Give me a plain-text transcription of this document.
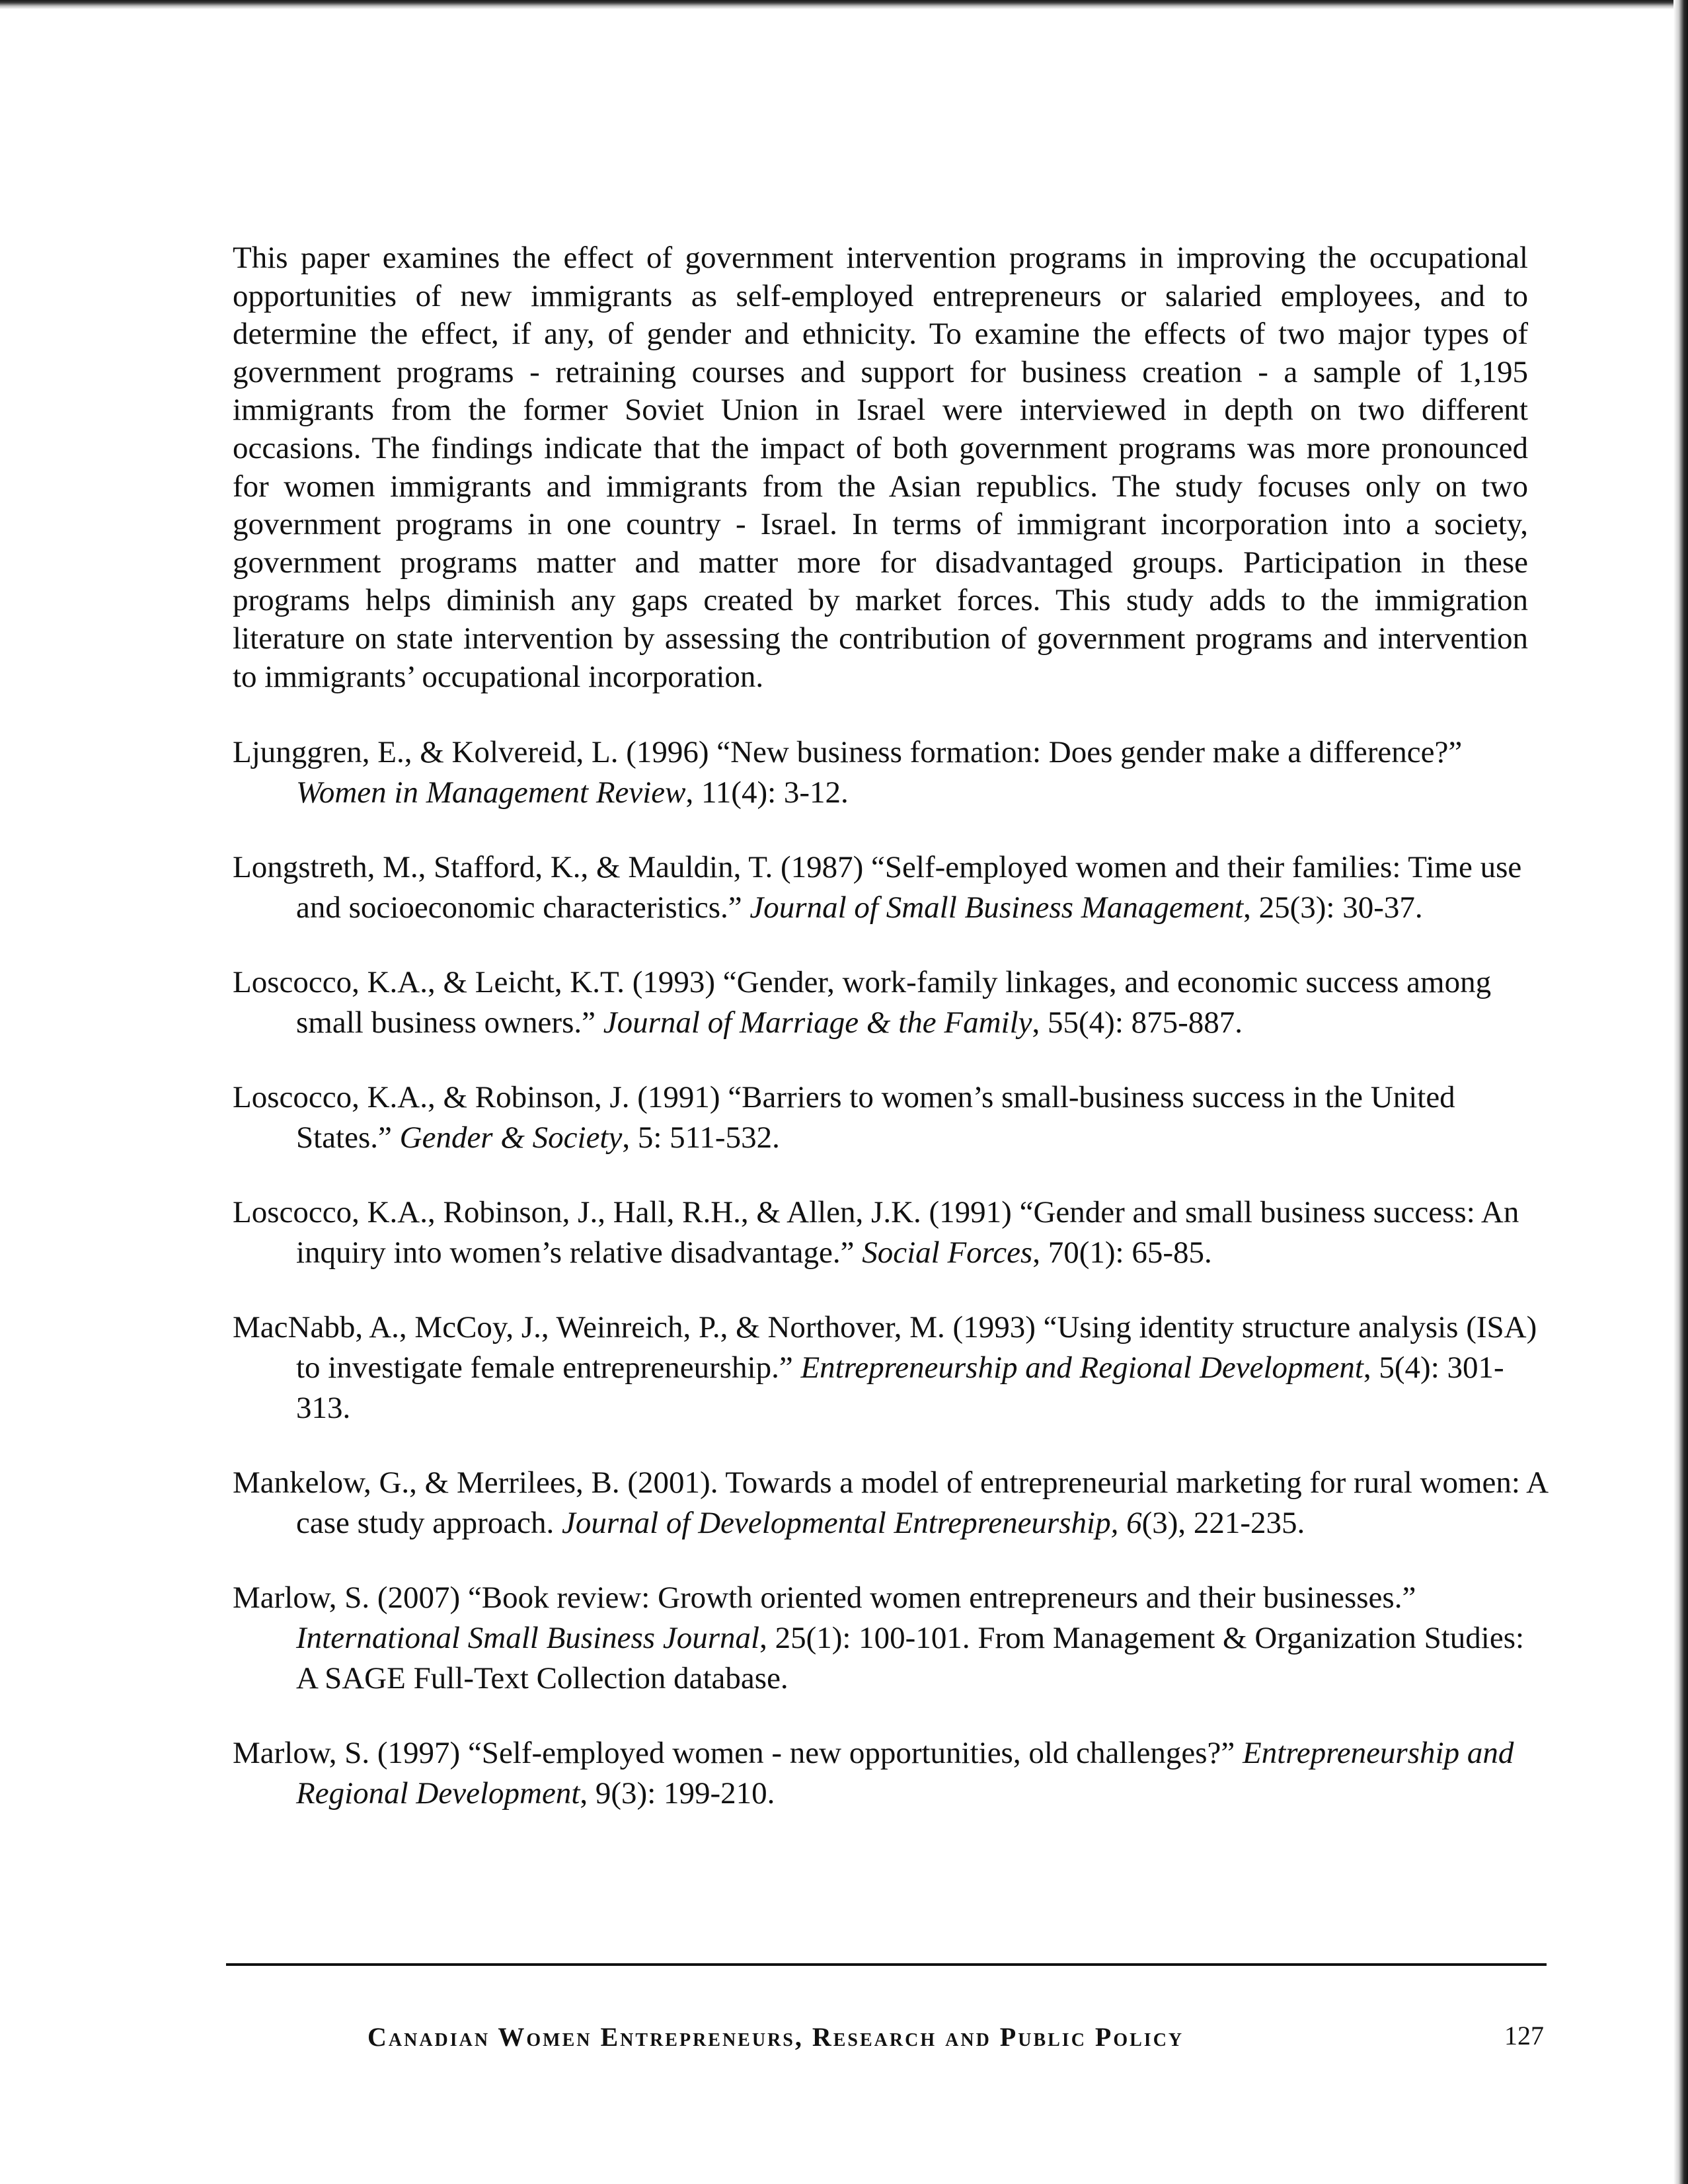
This paper examines the effect of government intervention programs in improving the occupational opportunities of new immigrants as self-employed entrepreneurs or salaried employees, and to determine the effect, if any, of gender and ethnicity. To examine the effects of two major types of government programs - retraining courses and support for business creation - a sample of 1,195 immigrants from the former Soviet Union in Israel were interviewed in depth on two different occasions. The findings indicate that the impact of both government programs was more pronounced for women immigrants and immigrants from the Asian republics. The study focuses only on two government programs in one country - Israel. In terms of immigrant incorporation into a society, government programs matter and matter more for disadvantaged groups. Participation in these programs helps diminish any gaps created by market forces. This study adds to the immigration literature on state intervention by assessing the contribution of government programs and intervention to immigrants’ occupational incorporation.

Ljunggren, E., & Kolvereid, L. (1996) “New business formation: Does gender make a difference?” Women in Management Review, 11(4): 3-12.
Longstreth, M., Stafford, K., & Mauldin, T. (1987) “Self-employed women and their families: Time use and socioeconomic characteristics.” Journal of Small Business Management, 25(3): 30-37.
Loscocco, K.A., & Leicht, K.T. (1993) “Gender, work-family linkages, and economic success among small business owners.” Journal of Marriage & the Family, 55(4): 875-887.
Loscocco, K.A., & Robinson, J. (1991) “Barriers to women’s small-business success in the United States.” Gender & Society, 5: 511-532.
Loscocco, K.A., Robinson, J., Hall, R.H., & Allen, J.K. (1991) “Gender and small business success: An inquiry into women’s relative disadvantage.” Social Forces, 70(1): 65-85.
MacNabb, A., McCoy, J., Weinreich, P., & Northover, M. (1993) “Using identity structure analysis (ISA) to investigate female entrepreneurship.” Entrepreneurship and Regional Development, 5(4): 301-313.
Mankelow, G., & Merrilees, B. (2001). Towards a model of entrepreneurial marketing for rural women: A case study approach. Journal of Developmental Entrepreneurship, 6(3), 221-235.
Marlow, S. (2007) “Book review: Growth oriented women entrepreneurs and their businesses.” International Small Business Journal, 25(1): 100-101. From Management & Organization Studies: A SAGE Full-Text Collection database.
Marlow, S. (1997) “Self-employed women - new opportunities, old challenges?” Entrepreneurship and Regional Development, 9(3): 199-210.
Canadian Women Entrepreneurs, Research and Public Policy	127
